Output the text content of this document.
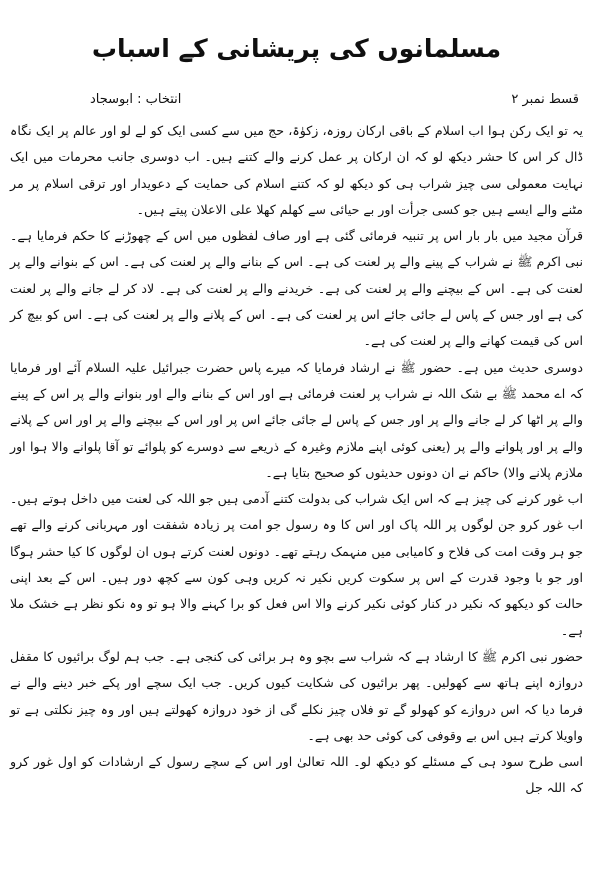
مسلمانوں کی پریشانی کے اسباب
قسط نمبر ۲
انتخاب : ابوسجاد

یہ تو ایک رکن ہوا اب اسلام کے باقی ارکان روزہ، زکوٰۃ، حج میں سے کسی ایک کو لے لو اور عالم پر ایک نگاہ ڈال کر اس کا حشر دیکھ لو کہ ان ارکان پر عمل کرنے والے کتنے ہیں۔ اب دوسری جانب محرمات میں ایک نہایت معمولی سی چیز شراب ہی کو دیکھ لو کہ کتنے اسلام کی حمایت کے دعویدار اور ترقی اسلام پر مر مٹنے والے ایسے ہیں جو کسی جرأت اور بے حیائی سے کھلم کھلا علی الاعلان پیتے ہیں۔

قرآن مجید میں بار بار اس پر تنبیہ فرمائی گئی ہے اور صاف لفظوں میں اس کے چھوڑنے کا حکم فرمایا ہے۔ نبی اکرم ﷺ نے شراب کے پینے والے پر لعنت کی ہے۔ اس کے بنانے والے پر لعنت کی ہے۔ اس کے بنوانے والے پر لعنت کی ہے۔ اس کے بیچنے والے پر لعنت کی ہے۔ خریدنے والے پر لعنت کی ہے۔ لاد کر لے جانے والے پر لعنت کی ہے اور جس کے پاس لے جائی جائے اس پر لعنت کی ہے۔ اس کے پلانے والے پر لعنت کی ہے۔ اس کو بیچ کر اس کی قیمت کھانے والے پر لعنت کی ہے۔

دوسری حدیث میں ہے۔ حضور ﷺ نے ارشاد فرمایا کہ میرے پاس حضرت جبرائیل علیہ السلام آئے اور فرمایا کہ اے محمد ﷺ بے شک اللہ نے شراب پر لعنت فرمائی ہے اور اس کے بنانے والے اور بنوانے والے پر اس کے پینے والے پر اٹھا کر لے جانے والے پر اور جس کے پاس لے جائی جائے اس پر اور اس کے بیچنے والے پر اور اس کے پلانے والے پر اور پلوانے والے پر (یعنی کوئی اپنے ملازم وغیرہ کے ذریعے سے دوسرے کو پلوائے تو آقا پلوانے والا ہوا اور ملازم پلانے والا) حاکم نے ان دونوں حدیثوں کو صحیح بتایا ہے۔

اب غور کرنے کی چیز ہے کہ اس ایک شراب کی بدولت کتنے آدمی ہیں جو اللہ کی لعنت میں داخل ہوتے ہیں۔ اب غور کرو جن لوگوں پر اللہ پاک اور اس کا وہ رسول جو امت پر زیادہ شفقت اور مہربانی کرنے والے تھے جو ہر وقت امت کی فلاح و کامیابی میں منہمک رہتے تھے۔ دونوں لعنت کرتے ہوں ان لوگوں کا کیا حشر ہوگا اور جو با وجود قدرت کے اس پر سکوت کریں نکیر نہ کریں وہی کون سے کچھ دور ہیں۔ اس کے بعد اپنی حالت کو دیکھو کہ نکیر در کنار کوئی نکیر کرنے والا اس فعل کو برا کہنے والا ہو تو وہ نکو نظر ہے خشک ملا ہے۔

حضور نبی اکرم ﷺ کا ارشاد ہے کہ شراب سے بچو وہ ہر برائی کی کنجی ہے۔ جب ہم لوگ برائیوں کا مقفل دروازہ اپنے ہاتھ سے کھولیں۔ پھر برائیوں کی شکایت کیوں کریں۔ جب ایک سچے اور پکے خبر دینے والے نے فرما دیا کہ اس دروازے کو کھولو گے تو فلاں چیز نکلے گی از خود دروازہ کھولتے ہیں اور وہ چیز نکلتی ہے تو واویلا کرتے ہیں اس بے وقوفی کی کوئی حد بھی ہے۔

اسی طرح سود ہی کے مسئلے کو دیکھ لو۔ اللہ تعالیٰ اور اس کے سچے رسول کے ارشادات کو اول غور کرو کہ اللہ جل
